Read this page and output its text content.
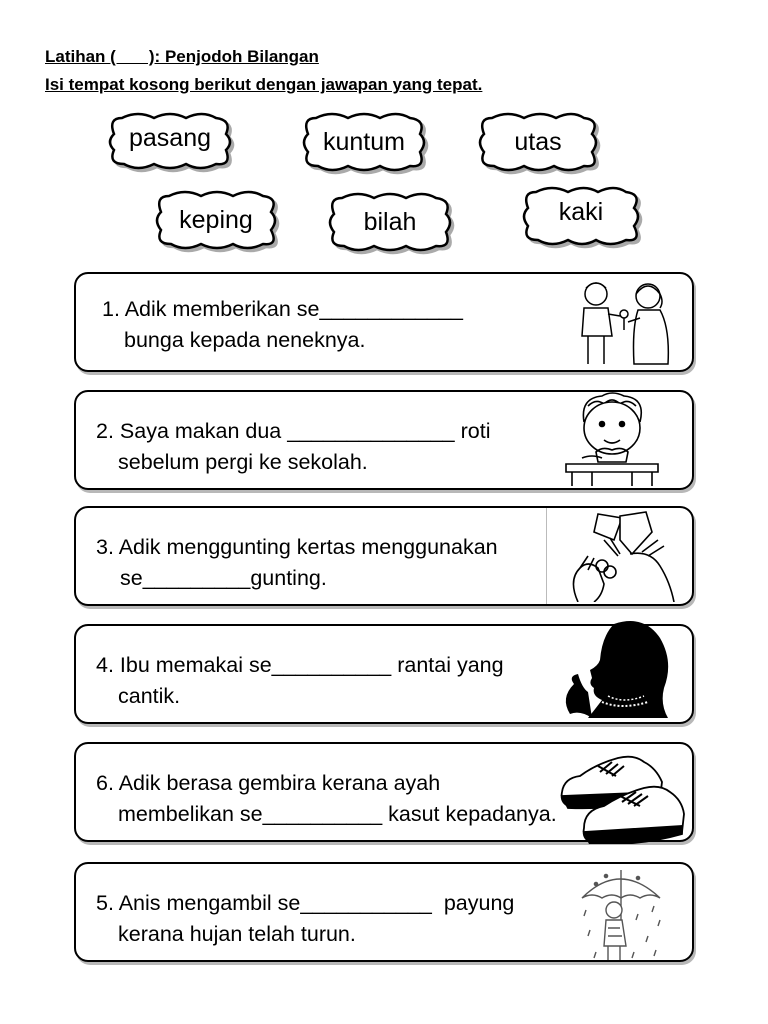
Latihan (       ): Penjodoh Bilangan
Isi tempat kosong berikut dengan jawapan yang tepat.
pasang	kuntum	utas
keping	bilah	kaki
1. Adik memberikan se____________
bunga kepada neneknya.
2. Saya makan dua ______________ roti
sebelum pergi ke sekolah.
3. Adik menggunting kertas menggunakan
se_________gunting.
4. Ibu memakai se__________ rantai yang
cantik.
6. Adik berasa gembira kerana ayah
membelikan se__________ kasut kepadanya.
5. Anis mengambil se___________  payung
kerana hujan telah turun.
